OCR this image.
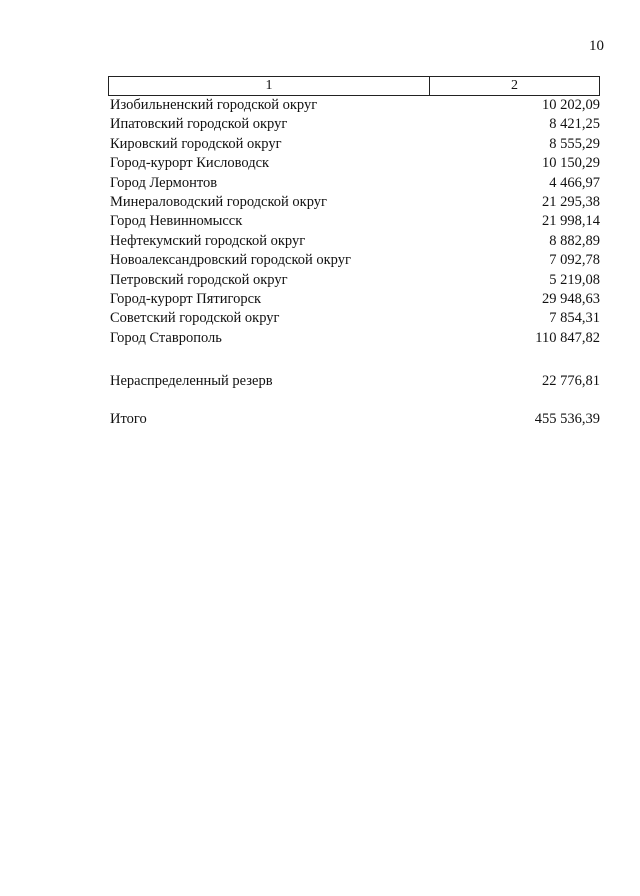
10
1	2
Изобильненский городской округ	10 202,09
Ипатовский городской округ	8 421,25
Кировский городской округ	8 555,29
Город-курорт Кисловодск	10 150,29
Город Лермонтов	4 466,97
Минераловодский городской округ	21 295,38
Город Невинномысск	21 998,14
Нефтекумский городской округ	8 882,89
Новоалександровский городской округ	7 092,78
Петровский городской округ	5 219,08
Город-курорт Пятигорск	29 948,63
Советский городской округ	7 854,31
Город Ставрополь	110 847,82
Нераспределенный резерв	22 776,81
Итого	455 536,39
